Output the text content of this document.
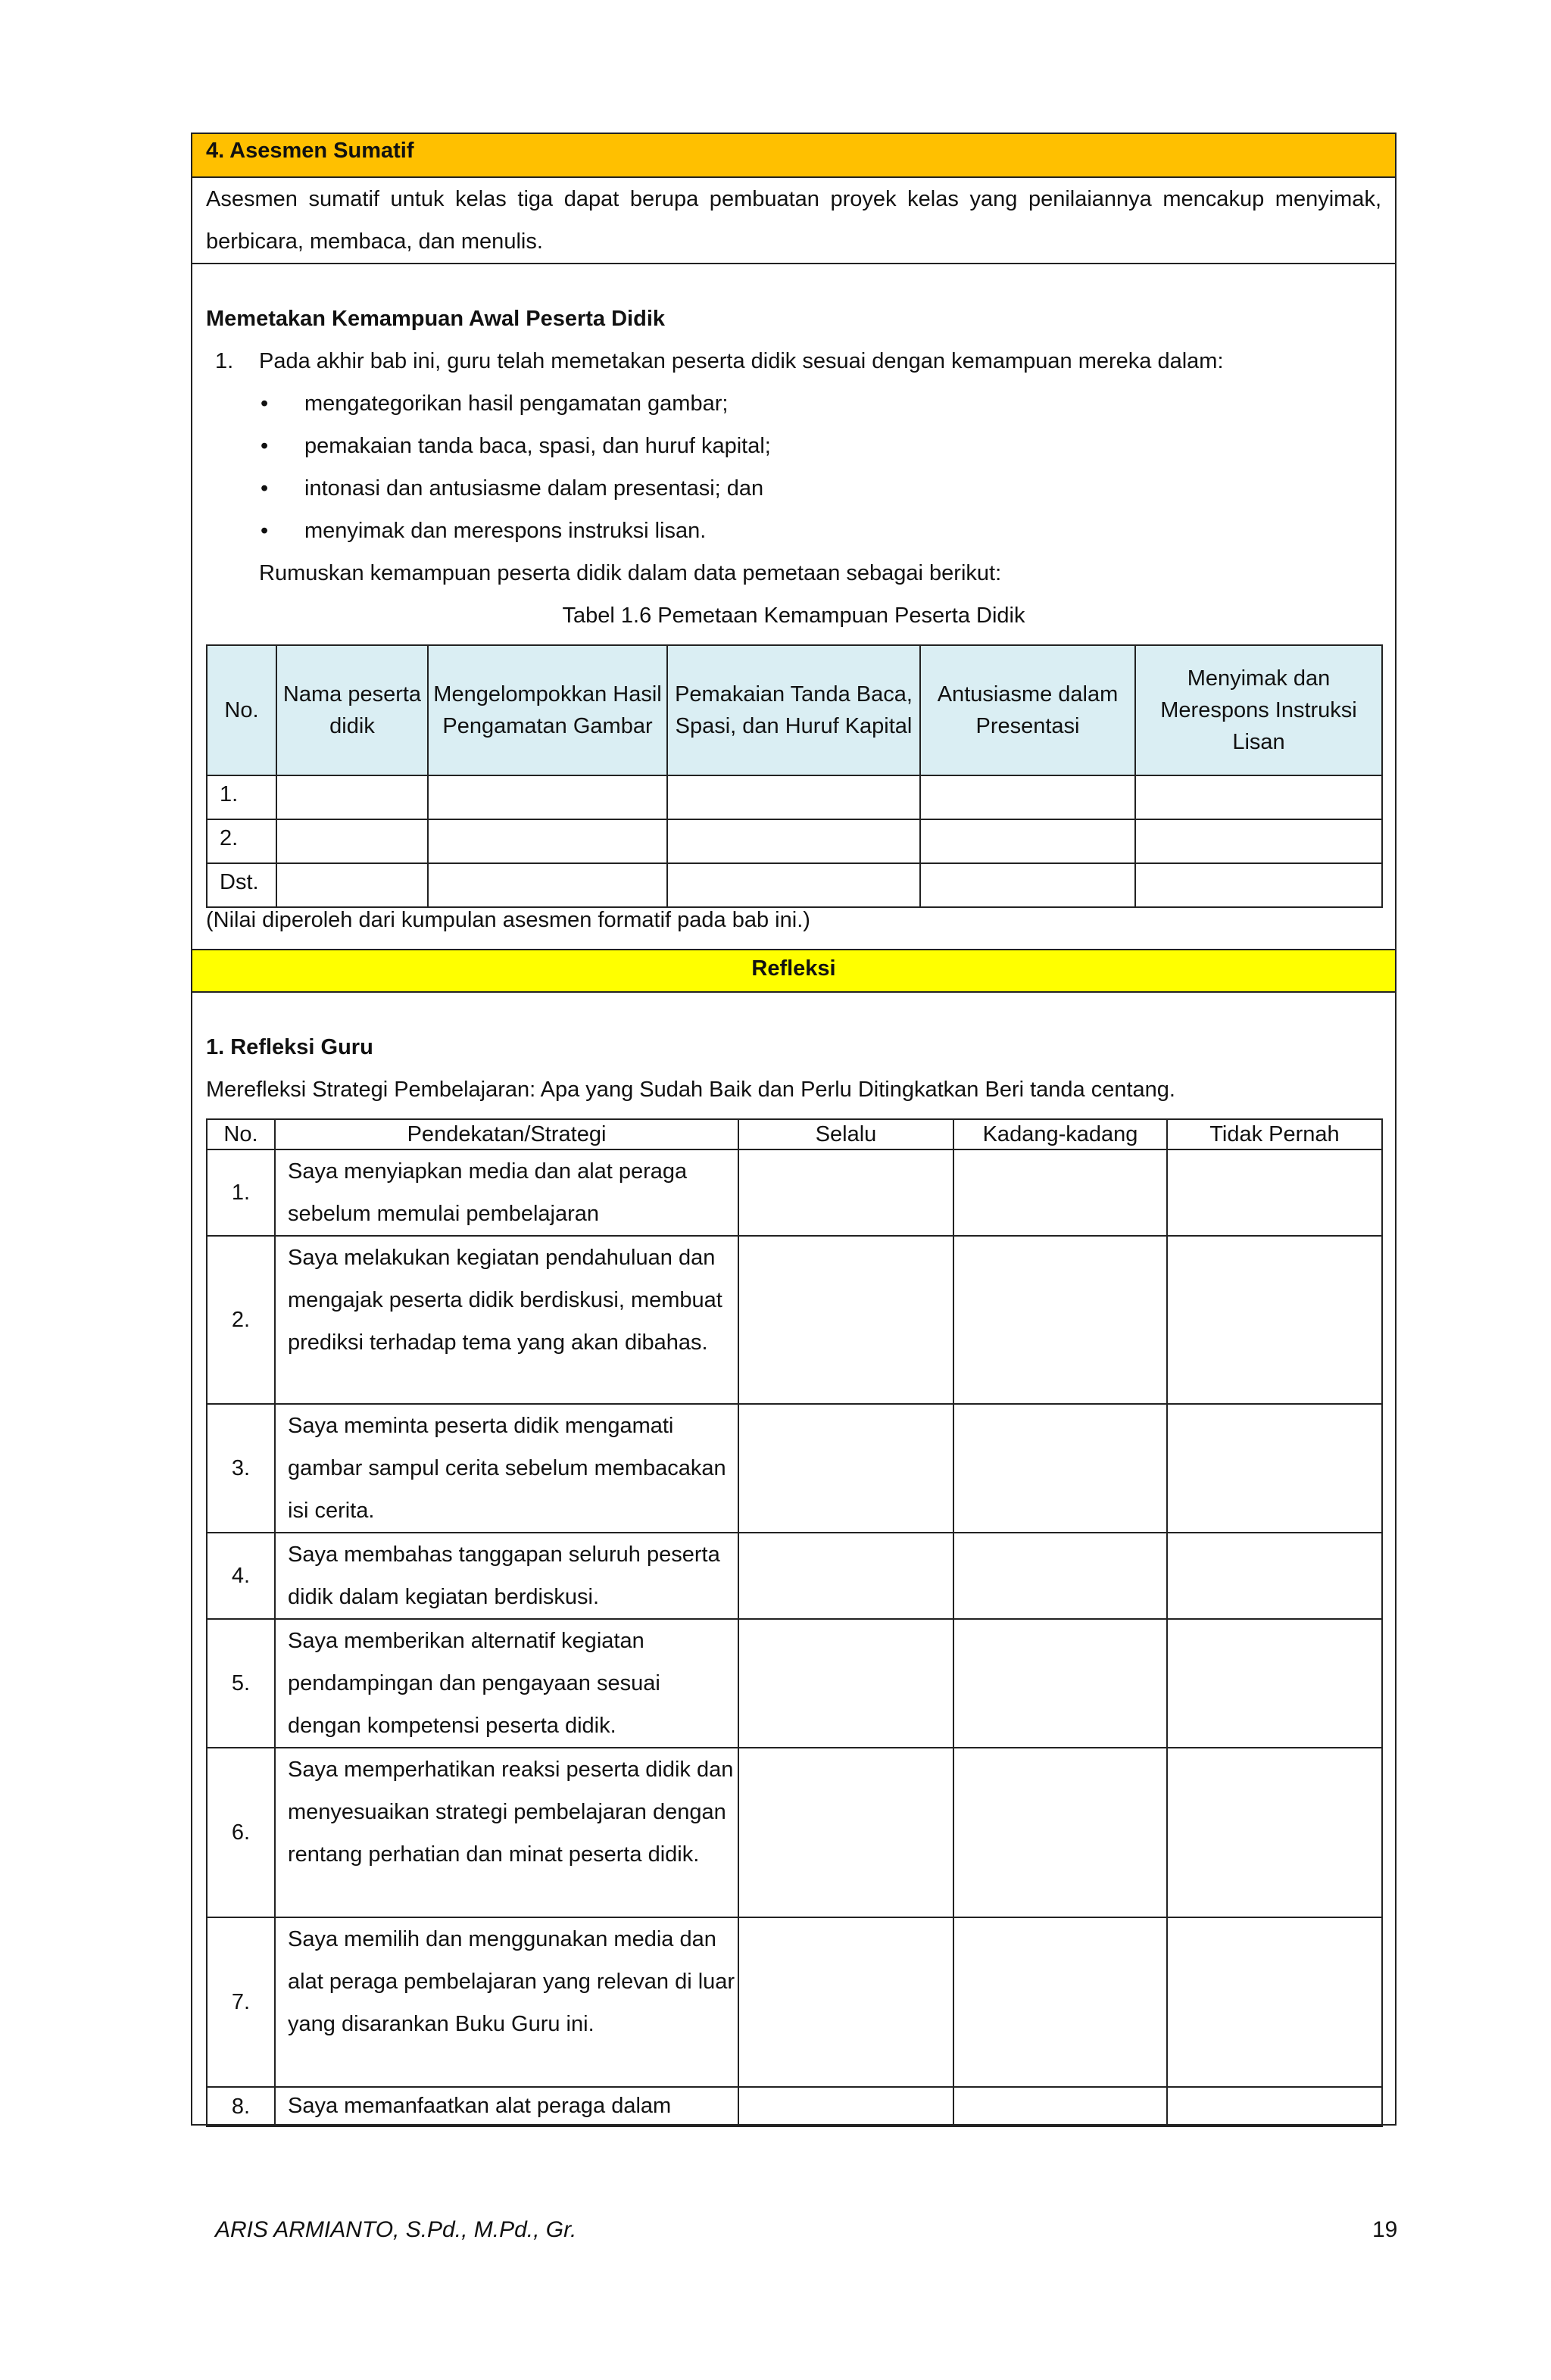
4. Asesmen Sumatif
Asesmen sumatif untuk kelas tiga dapat berupa pembuatan proyek kelas yang penilaiannya mencakup menyimak, berbicara, membaca, dan menulis.
Memetakan Kemampuan Awal Peserta Didik
1. Pada akhir bab ini, guru telah memetakan peserta didik sesuai dengan kemampuan mereka dalam:
• mengategorikan hasil pengamatan gambar;
• pemakaian tanda baca, spasi, dan huruf kapital;
• intonasi dan antusiasme dalam presentasi; dan
• menyimak dan merespons instruksi lisan.
Rumuskan kemampuan peserta didik dalam data pemetaan sebagai berikut:
Tabel 1.6 Pemetaan Kemampuan Peserta Didik
No.	Nama peserta didik	Mengelompokkan Hasil Pengamatan Gambar	Pemakaian Tanda Baca, Spasi, dan Huruf Kapital	Antusiasme dalam Presentasi	Menyimak dan Merespons Instruksi Lisan
1.					
2.					
Dst.					
(Nilai diperoleh dari kumpulan asesmen formatif pada bab ini.)
Refleksi
1. Refleksi Guru
Merefleksi Strategi Pembelajaran: Apa yang Sudah Baik dan Perlu Ditingkatkan Beri tanda centang.
No.	Pendekatan/Strategi	Selalu	Kadang-kadang	Tidak Pernah
1.	Saya menyiapkan media dan alat peraga sebelum memulai pembelajaran			
2.	Saya melakukan kegiatan pendahuluan dan mengajak peserta didik berdiskusi, membuat prediksi terhadap tema yang akan dibahas.			
3.	Saya meminta peserta didik mengamati gambar sampul cerita sebelum membacakan isi cerita.			
4.	Saya membahas tanggapan seluruh peserta didik dalam kegiatan berdiskusi.			
5.	Saya memberikan alternatif kegiatan pendampingan dan pengayaan sesuai dengan kompetensi peserta didik.			
6.	Saya memperhatikan reaksi peserta didik dan menyesuaikan strategi pembelajaran dengan rentang perhatian dan minat peserta didik.			
7.	Saya memilih dan menggunakan media dan alat peraga pembelajaran yang relevan di luar yang disarankan Buku Guru ini.			
8.	Saya memanfaatkan alat peraga dalam			
ARIS ARMIANTO, S.Pd., M.Pd., Gr.	19
